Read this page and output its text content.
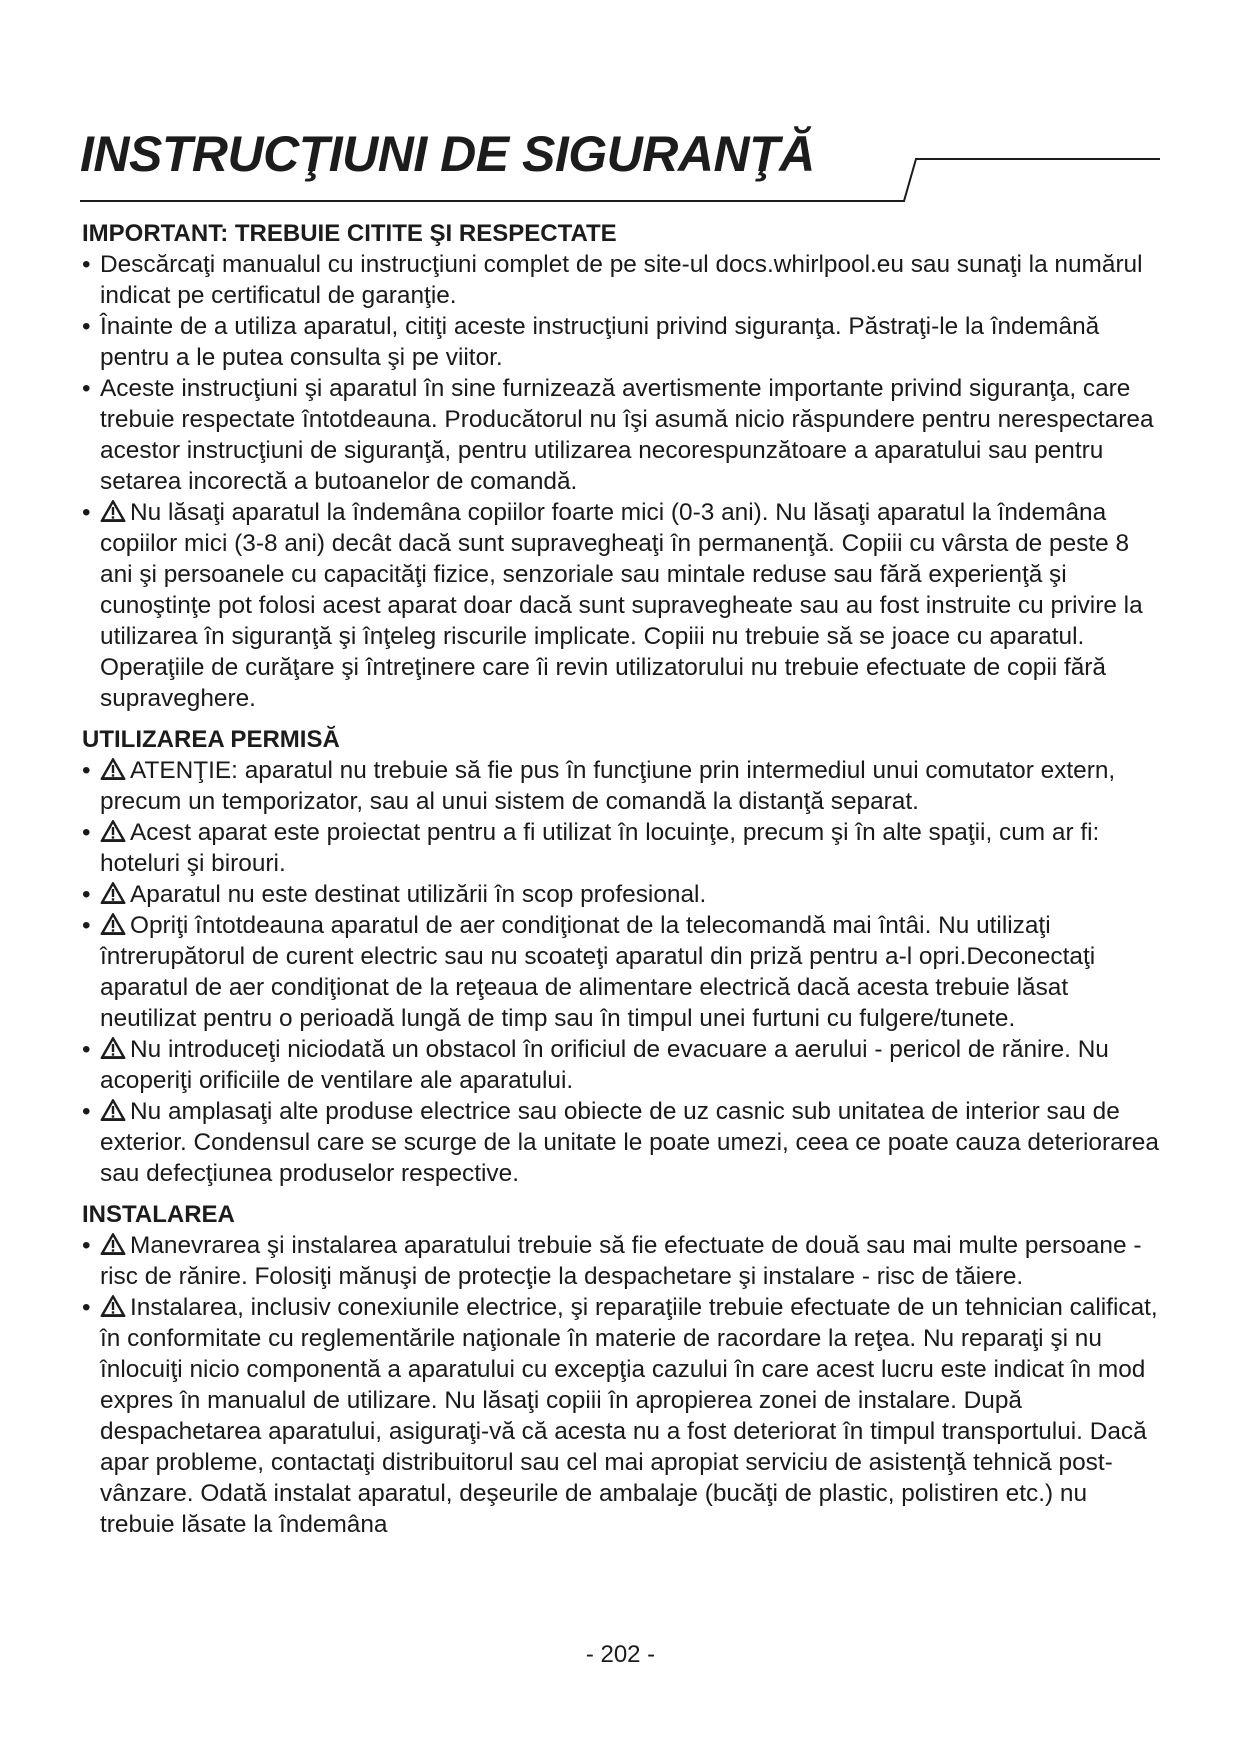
INSTRUCŢIUNI DE SIGURANŢĂ
IMPORTANT: TREBUIE CITITE ŞI RESPECTATE
• Descărcaţi manualul cu instrucţiuni complet de pe site-ul docs.whirlpool.eu sau sunaţi la numărul indicat pe certificatul de garanţie.
• Înainte de a utiliza aparatul, citiţi aceste instrucţiuni privind siguranţa. Păstraţi-le la îndemână pentru a le putea consulta şi pe viitor.
• Aceste instrucţiuni şi aparatul în sine furnizează avertismente importante privind siguranţa, care trebuie respectate întotdeauna. Producătorul nu îşi asumă nicio răspundere pentru nerespectarea acestor instrucţiuni de siguranţă, pentru utilizarea necorespunzătoare a aparatului sau pentru setarea incorectă a butoanelor de comandă.
• Nu lăsaţi aparatul la îndemâna copiilor foarte mici (0-3 ani). Nu lăsaţi aparatul la îndemâna copiilor mici (3-8 ani) decât dacă sunt supravegheaţi în permanenţă. Copiii cu vârsta de peste 8 ani şi persoanele cu capacităţi fizice, senzoriale sau mintale reduse sau fără experienţă şi cunoştinţe pot folosi acest aparat doar dacă sunt supravegheate sau au fost instruite cu privire la utilizarea în siguranţă şi înţeleg riscurile implicate. Copiii nu trebuie să se joace cu aparatul. Operaţiile de curăţare şi întreţinere care îi revin utilizatorului nu trebuie efectuate de copii fără supraveghere.
UTILIZAREA PERMISĂ
• ATENŢIE: aparatul nu trebuie să fie pus în funcţiune prin intermediul unui comutator extern, precum un temporizator, sau al unui sistem de comandă la distanţă separat.
• Acest aparat este proiectat pentru a fi utilizat în locuinţe, precum şi în alte spaţii, cum ar fi: hoteluri şi birouri.
• Aparatul nu este destinat utilizării în scop profesional.
• Opriţi întotdeauna aparatul de aer condiţionat de la telecomandă mai întâi. Nu utilizaţi întrerupătorul de curent electric sau nu scoateţi aparatul din priză pentru a-l opri.Deconectaţi aparatul de aer condiţionat de la reţeaua de alimentare electrică dacă acesta trebuie lăsat neutilizat pentru o perioadă lungă de timp sau în timpul unei furtuni cu fulgere/tunete.
• Nu introduceţi niciodată un obstacol în orificiul de evacuare a aerului - pericol de rănire. Nu acoperiţi orificiile de ventilare ale aparatului.
• Nu amplasaţi alte produse electrice sau obiecte de uz casnic sub unitatea de interior sau de exterior. Condensul care se scurge de la unitate le poate umezi, ceea ce poate cauza deteriorarea sau defecţiunea produselor respective.
INSTALAREA
• Manevrarea şi instalarea aparatului trebuie să fie efectuate de două sau mai multe persoane - risc de rănire. Folosiţi mănuşi de protecţie la despachetare şi instalare - risc de tăiere.
• Instalarea, inclusiv conexiunile electrice, şi reparaţiile trebuie efectuate de un tehnician calificat, în conformitate cu reglementările naţionale în materie de racordare la reţea. Nu reparaţi şi nu înlocuiţi nicio componentă a aparatului cu excepţia cazului în care acest lucru este indicat în mod expres în manualul de utilizare. Nu lăsaţi copiii în apropierea zonei de instalare. După despachetarea aparatului, asiguraţi-vă că acesta nu a fost deteriorat în timpul transportului. Dacă apar probleme, contactaţi distribuitorul sau cel mai apropiat serviciu de asistenţă tehnică post-vânzare. Odată instalat aparatul, deşeurile de ambalaje (bucăţi de plastic, polistiren etc.) nu trebuie lăsate la îndemâna
- 202 -
